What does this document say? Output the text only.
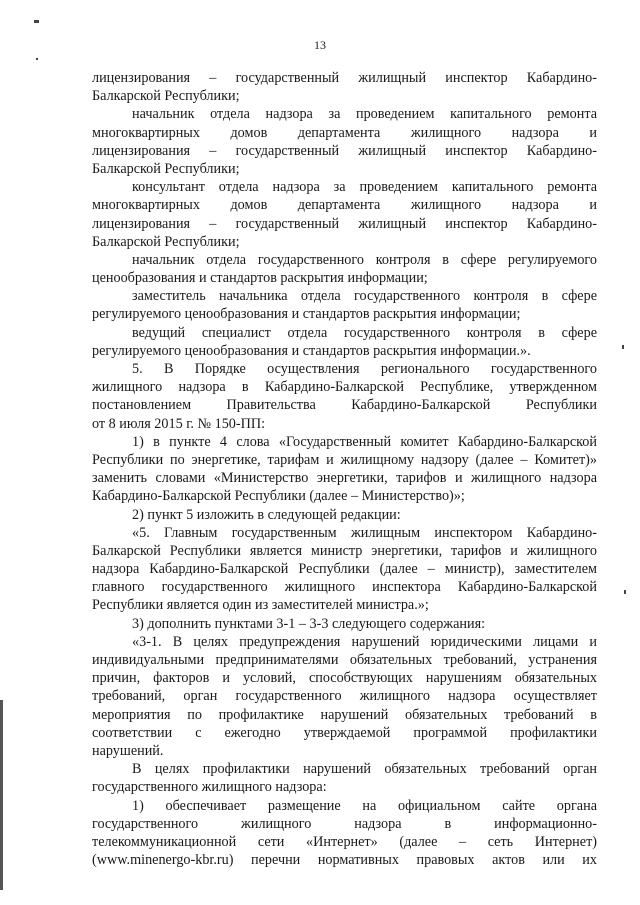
13
лицензирования – государственный жилищный инспектор Кабардино-
Балкарской Республики;
начальник отдела надзора за проведением капитального ремонта
многоквартирных домов департамента жилищного надзора и
лицензирования – государственный жилищный инспектор Кабардино-
Балкарской Республики;
консультант отдела надзора за проведением капитального ремонта
многоквартирных домов департамента жилищного надзора и
лицензирования – государственный жилищный инспектор Кабардино-
Балкарской Республики;
начальник отдела государственного контроля в сфере регулируемого
ценообразования и стандартов раскрытия информации;
заместитель начальника отдела государственного контроля в сфере
регулируемого ценообразования и стандартов раскрытия информации;
ведущий специалист отдела государственного контроля в сфере
регулируемого ценообразования и стандартов раскрытия информации.».
5. В Порядке осуществления регионального государственного
жилищного надзора в Кабардино-Балкарской Республике, утвержденном
постановлением Правительства Кабардино-Балкарской Республики
от 8 июля 2015 г. № 150-ПП:
1) в пункте 4 слова «Государственный комитет Кабардино-Балкарской
Республики по энергетике, тарифам и жилищному надзору (далее – Комитет)»
заменить словами «Министерство энергетики, тарифов и жилищного надзора
Кабардино-Балкарской Республики (далее – Министерство)»;
2) пункт 5 изложить в следующей редакции:
«5. Главным государственным жилищным инспектором Кабардино-
Балкарской Республики является министр энергетики, тарифов и жилищного
надзора Кабардино-Балкарской Республики (далее – министр), заместителем
главного государственного жилищного инспектора Кабардино-Балкарской
Республики является один из заместителей министра.»;
3) дополнить пунктами 3-1 – 3-3 следующего содержания:
«3-1. В целях предупреждения нарушений юридическими лицами и
индивидуальными предпринимателями обязательных требований, устранения
причин, факторов и условий, способствующих нарушениям обязательных
требований, орган государственного жилищного надзора осуществляет
мероприятия по профилактике нарушений обязательных требований в
соответствии с ежегодно утверждаемой программой профилактики
нарушений.
В целях профилактики нарушений обязательных требований орган
государственного жилищного надзора:
1) обеспечивает размещение на официальном сайте органа
государственного жилищного надзора в информационно-
телекоммуникационной сети «Интернет» (далее – сеть Интернет)
(www.minenergo-kbr.ru) перечни нормативных правовых актов или их
